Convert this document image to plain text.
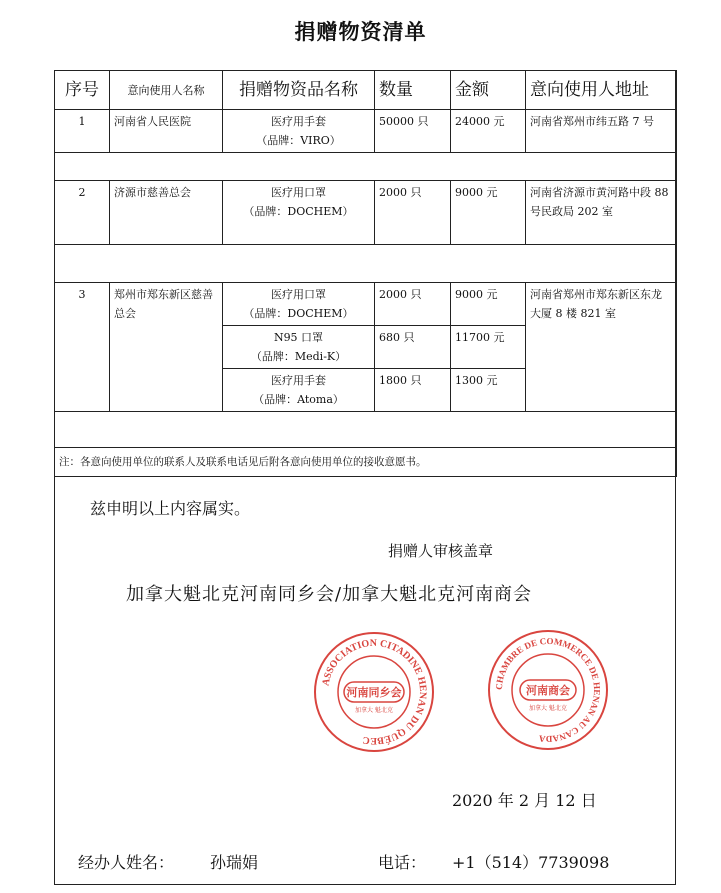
捐赠物资清单
序号	意向使用人名称	捐赠物资品名称	数量	金额	意向使用人地址
1	河南省人民医院	医疗用手套
（品牌：VIRO）	50000 只	24000 元	河南省郑州市纬五路 7 号

2	济源市慈善总会	医疗用口罩
（品牌：DOCHEM）	2000 只	9000 元	河南省济源市黄河路中段 88 号民政局 202 室

3	郑州市郑东新区慈善总会	医疗用口罩
（品牌：DOCHEM）	2000 只	9000 元	河南省郑州市郑东新区东龙大厦 8 楼 821 室

		N95 口罩
（品牌：Medi-K）	680 只	11700 元	

		医疗用手套
（品牌：Atoma）	1800 只	1300 元	

注：各意向使用单位的联系人及联系电话见后附各意向使用单位的接收意愿书。					
兹申明以上内容属实。
捐赠人审核盖章
加拿大魁北克河南同乡会/加拿大魁北克河南商会
ASSOCIATION CITADINE HENAN DU QUÉBEC
河南同乡会
加拿大 魁北克
CHAMBRE DE COMMERCE DE HENAN AU CANADA
河南商会
加拿大 魁北克
2020 年 2 月 12 日
经办人姓名： 孙瑞娟	电话： +1（514）7739098
